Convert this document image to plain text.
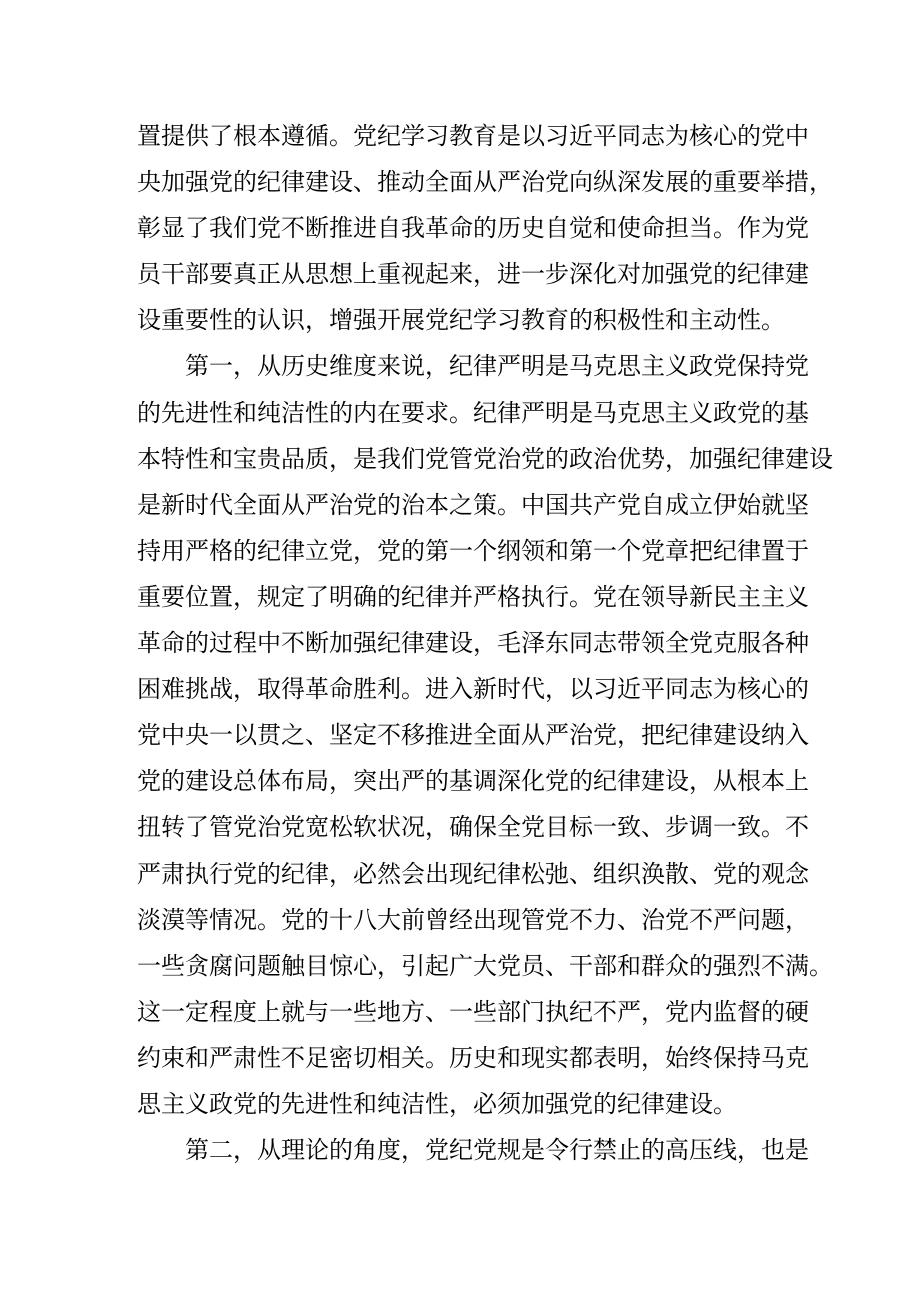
置提供了根本遵循。党纪学习教育是以习近平同志为核心的党中
央加强党的纪律建设、推动全面从严治党向纵深发展的重要举措，
彰显了我们党不断推进自我革命的历史自觉和使命担当。作为党
员干部要真正从思想上重视起来，进一步深化对加强党的纪律建
设重要性的认识，增强开展党纪学习教育的积极性和主动性。
第一，从历史维度来说，纪律严明是马克思主义政党保持党
的先进性和纯洁性的内在要求。纪律严明是马克思主义政党的基
本特性和宝贵品质，是我们党管党治党的政治优势，加强纪律建设
是新时代全面从严治党的治本之策。中国共产党自成立伊始就坚
持用严格的纪律立党，党的第一个纲领和第一个党章把纪律置于
重要位置，规定了明确的纪律并严格执行。党在领导新民主主义
革命的过程中不断加强纪律建设，毛泽东同志带领全党克服各种
困难挑战，取得革命胜利。进入新时代，以习近平同志为核心的
党中央一以贯之、坚定不移推进全面从严治党，把纪律建设纳入
党的建设总体布局，突出严的基调深化党的纪律建设，从根本上
扭转了管党治党宽松软状况，确保全党目标一致、步调一致。不
严肃执行党的纪律，必然会出现纪律松弛、组织涣散、党的观念
淡漠等情况。党的十八大前曾经出现管党不力、治党不严问题，
一些贪腐问题触目惊心，引起广大党员、干部和群众的强烈不满。
这一定程度上就与一些地方、一些部门执纪不严，党内监督的硬
约束和严肃性不足密切相关。历史和现实都表明，始终保持马克
思主义政党的先进性和纯洁性，必须加强党的纪律建设。
第二，从理论的角度，党纪党规是令行禁止的高压线，也是
